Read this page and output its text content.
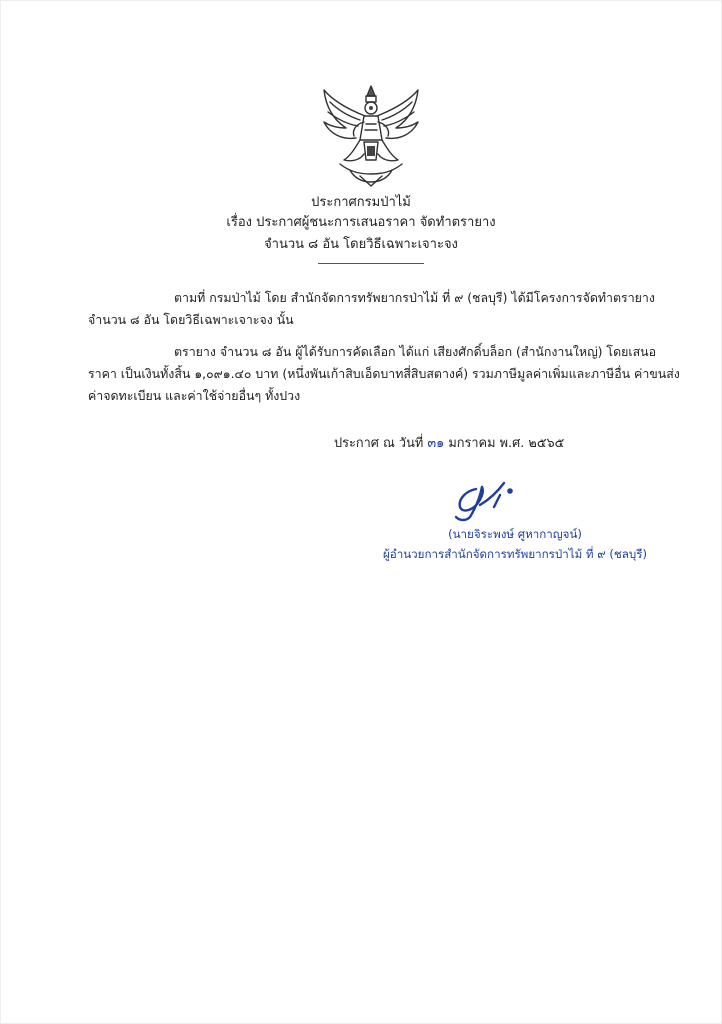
ประกาศกรมป่าไม้
เรื่อง ประกาศผู้ชนะการเสนอราคา จัดทำตรายาง
จำนวน ๘ อัน โดยวิธีเฉพาะเจาะจง
ตามที่ กรมป่าไม้ โดย สำนักจัดการทรัพยากรป่าไม้ ที่ ๙ (ชลบุรี) ได้มีโครงการจัดทำตรายาง
จำนวน ๘ อัน โดยวิธีเฉพาะเจาะจง นั้น
ตรายาง จำนวน ๘ อัน ผู้ได้รับการคัดเลือก ได้แก่ เสียงศักดิ์บล็อก (สำนักงานใหญ่) โดยเสนอ
ราคา เป็นเงินทั้งสิ้น ๑,๐๙๑.๔๐ บาท (หนึ่งพันเก้าสิบเอ็ดบาทสี่สิบสตางค์) รวมภาษีมูลค่าเพิ่มและภาษีอื่น ค่าขนส่ง
ค่าจดทะเบียน และค่าใช้จ่ายอื่นๆ ทั้งปวง
ประกาศ ณ วันที่ ๓๑ มกราคม พ.ศ. ๒๕๖๕
(นายจิระพงษ์ ศูหากาญจน์)
ผู้อำนวยการสำนักจัดการทรัพยากรป่าไม้ ที่ ๙ (ชลบุรี)
